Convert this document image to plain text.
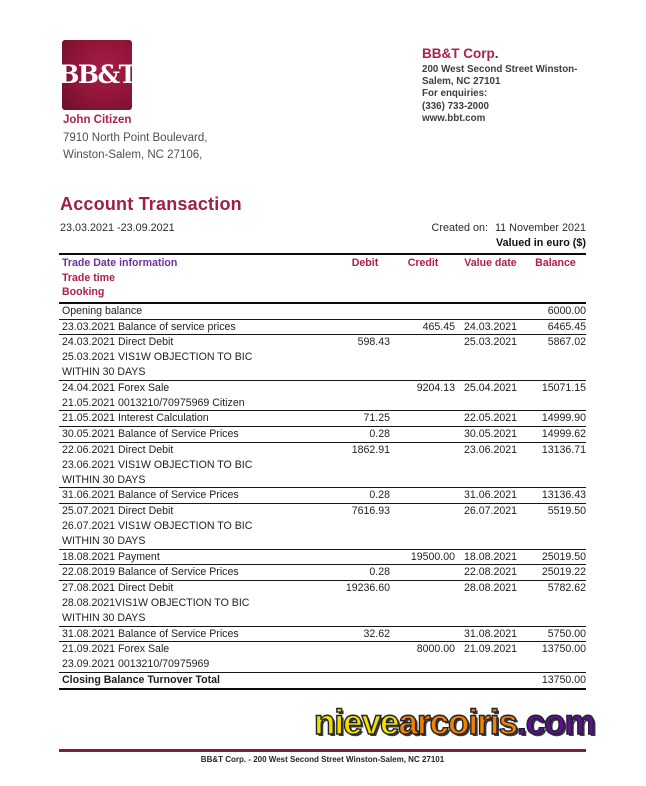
BB&T
John Citizen
7910 North Point Boulevard,
Winston-Salem, NC 27106,
BB&T Corp.
200 West Second Street Winston-
Salem, NC 27101
For enquiries:
(336) 733-2000
www.bbt.com
Account Transaction
23.03.2021 -23.09.2021	Created on: 11 November 2021
Valued in euro ($)
Trade Date information
Trade time
Booking	Debit	Credit	Value date	Balance

Opening balance				6000.00

23.03.2021 Balance of service prices		465.45	24.03.2021	6465.45

24.03.2021 Direct Debit
25.03.2021 VIS1W OBJECTION TO BIC
WITHIN 30 DAYS	598.43		25.03.2021	5867.02

24.04.2021 Forex Sale
21.05.2021 0013210/70975969 Citizen		9204.13	25.04.2021	15071.15

21.05.2021 Interest Calculation	71.25		22.05.2021	14999.90

30.05.2021 Balance of Service Prices	0.28		30.05.2021	14999.62

22.06.2021 Direct Debit
23.06.2021 VIS1W OBJECTION TO BIC
WITHIN 30 DAYS	1862.91		23.06.2021	13136.71

31.06.2021 Balance of Service Prices	0.28		31.06.2021	13136.43

25.07.2021 Direct Debit
26.07.2021 VIS1W OBJECTION TO BIC
WITHIN 30 DAYS	7616.93		26.07.2021	5519.50

18.08.2021 Payment		19500.00	18.08.2021	25019.50

22.08.2019 Balance of Service Prices	0.28		22.08.2021	25019.22

27.08.2021 Direct Debit
28.08.2021VIS1W OBJECTION TO BIC
WITHIN 30 DAYS	19236.60		28.08.2021	5782.62

31.08.2021 Balance of Service Prices	32.62		31.08.2021	5750.00

21.09.2021 Forex Sale
23.09.2021 0013210/70975969		8000.00	21.09.2021	13750.00

Closing Balance Turnover Total				13750.00
nievearcoiris.com
BB&T Corp. - 200 West Second Street Winston-Salem, NC 27101
